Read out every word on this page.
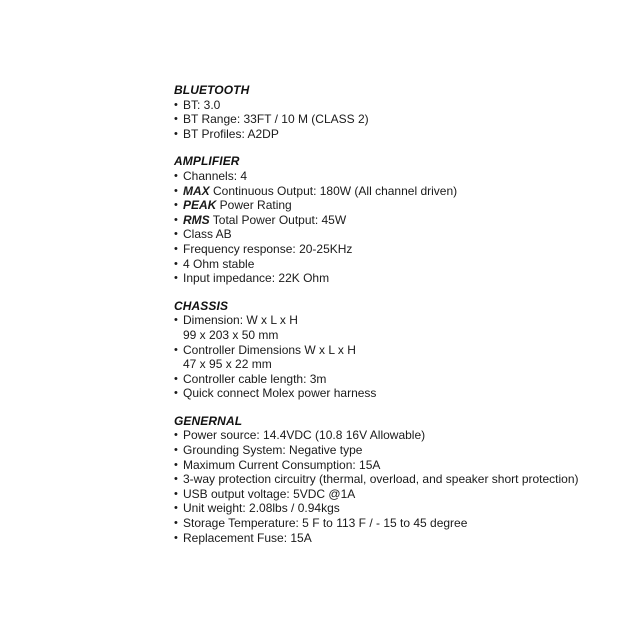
BLUETOOTH
• BT: 3.0
• BT Range: 33FT / 10 M (CLASS 2)
• BT Profiles: A2DP
AMPLIFIER
• Channels: 4
• MAX Continuous Output: 180W (All channel driven)
• PEAK Power Rating
• RMS Total Power Output: 45W
• Class AB
• Frequency response: 20-25KHz
• 4 Ohm stable
• Input impedance: 22K Ohm
CHASSIS
• Dimension: W x L x H
99 x 203 x 50 mm
• Controller Dimensions W x L x H
47 x 95 x 22 mm
• Controller cable length: 3m
• Quick connect Molex power harness
GENERNAL
• Power source: 14.4VDC (10.8 16V Allowable)
• Grounding System: Negative type
• Maximum Current Consumption: 15A
• 3-way protection circuitry (thermal, overload, and speaker short protection)
• USB output voltage: 5VDC @1A
• Unit weight: 2.08lbs / 0.94kgs
• Storage Temperature: 5 F to 113 F / - 15 to 45 degree
• Replacement Fuse: 15A
